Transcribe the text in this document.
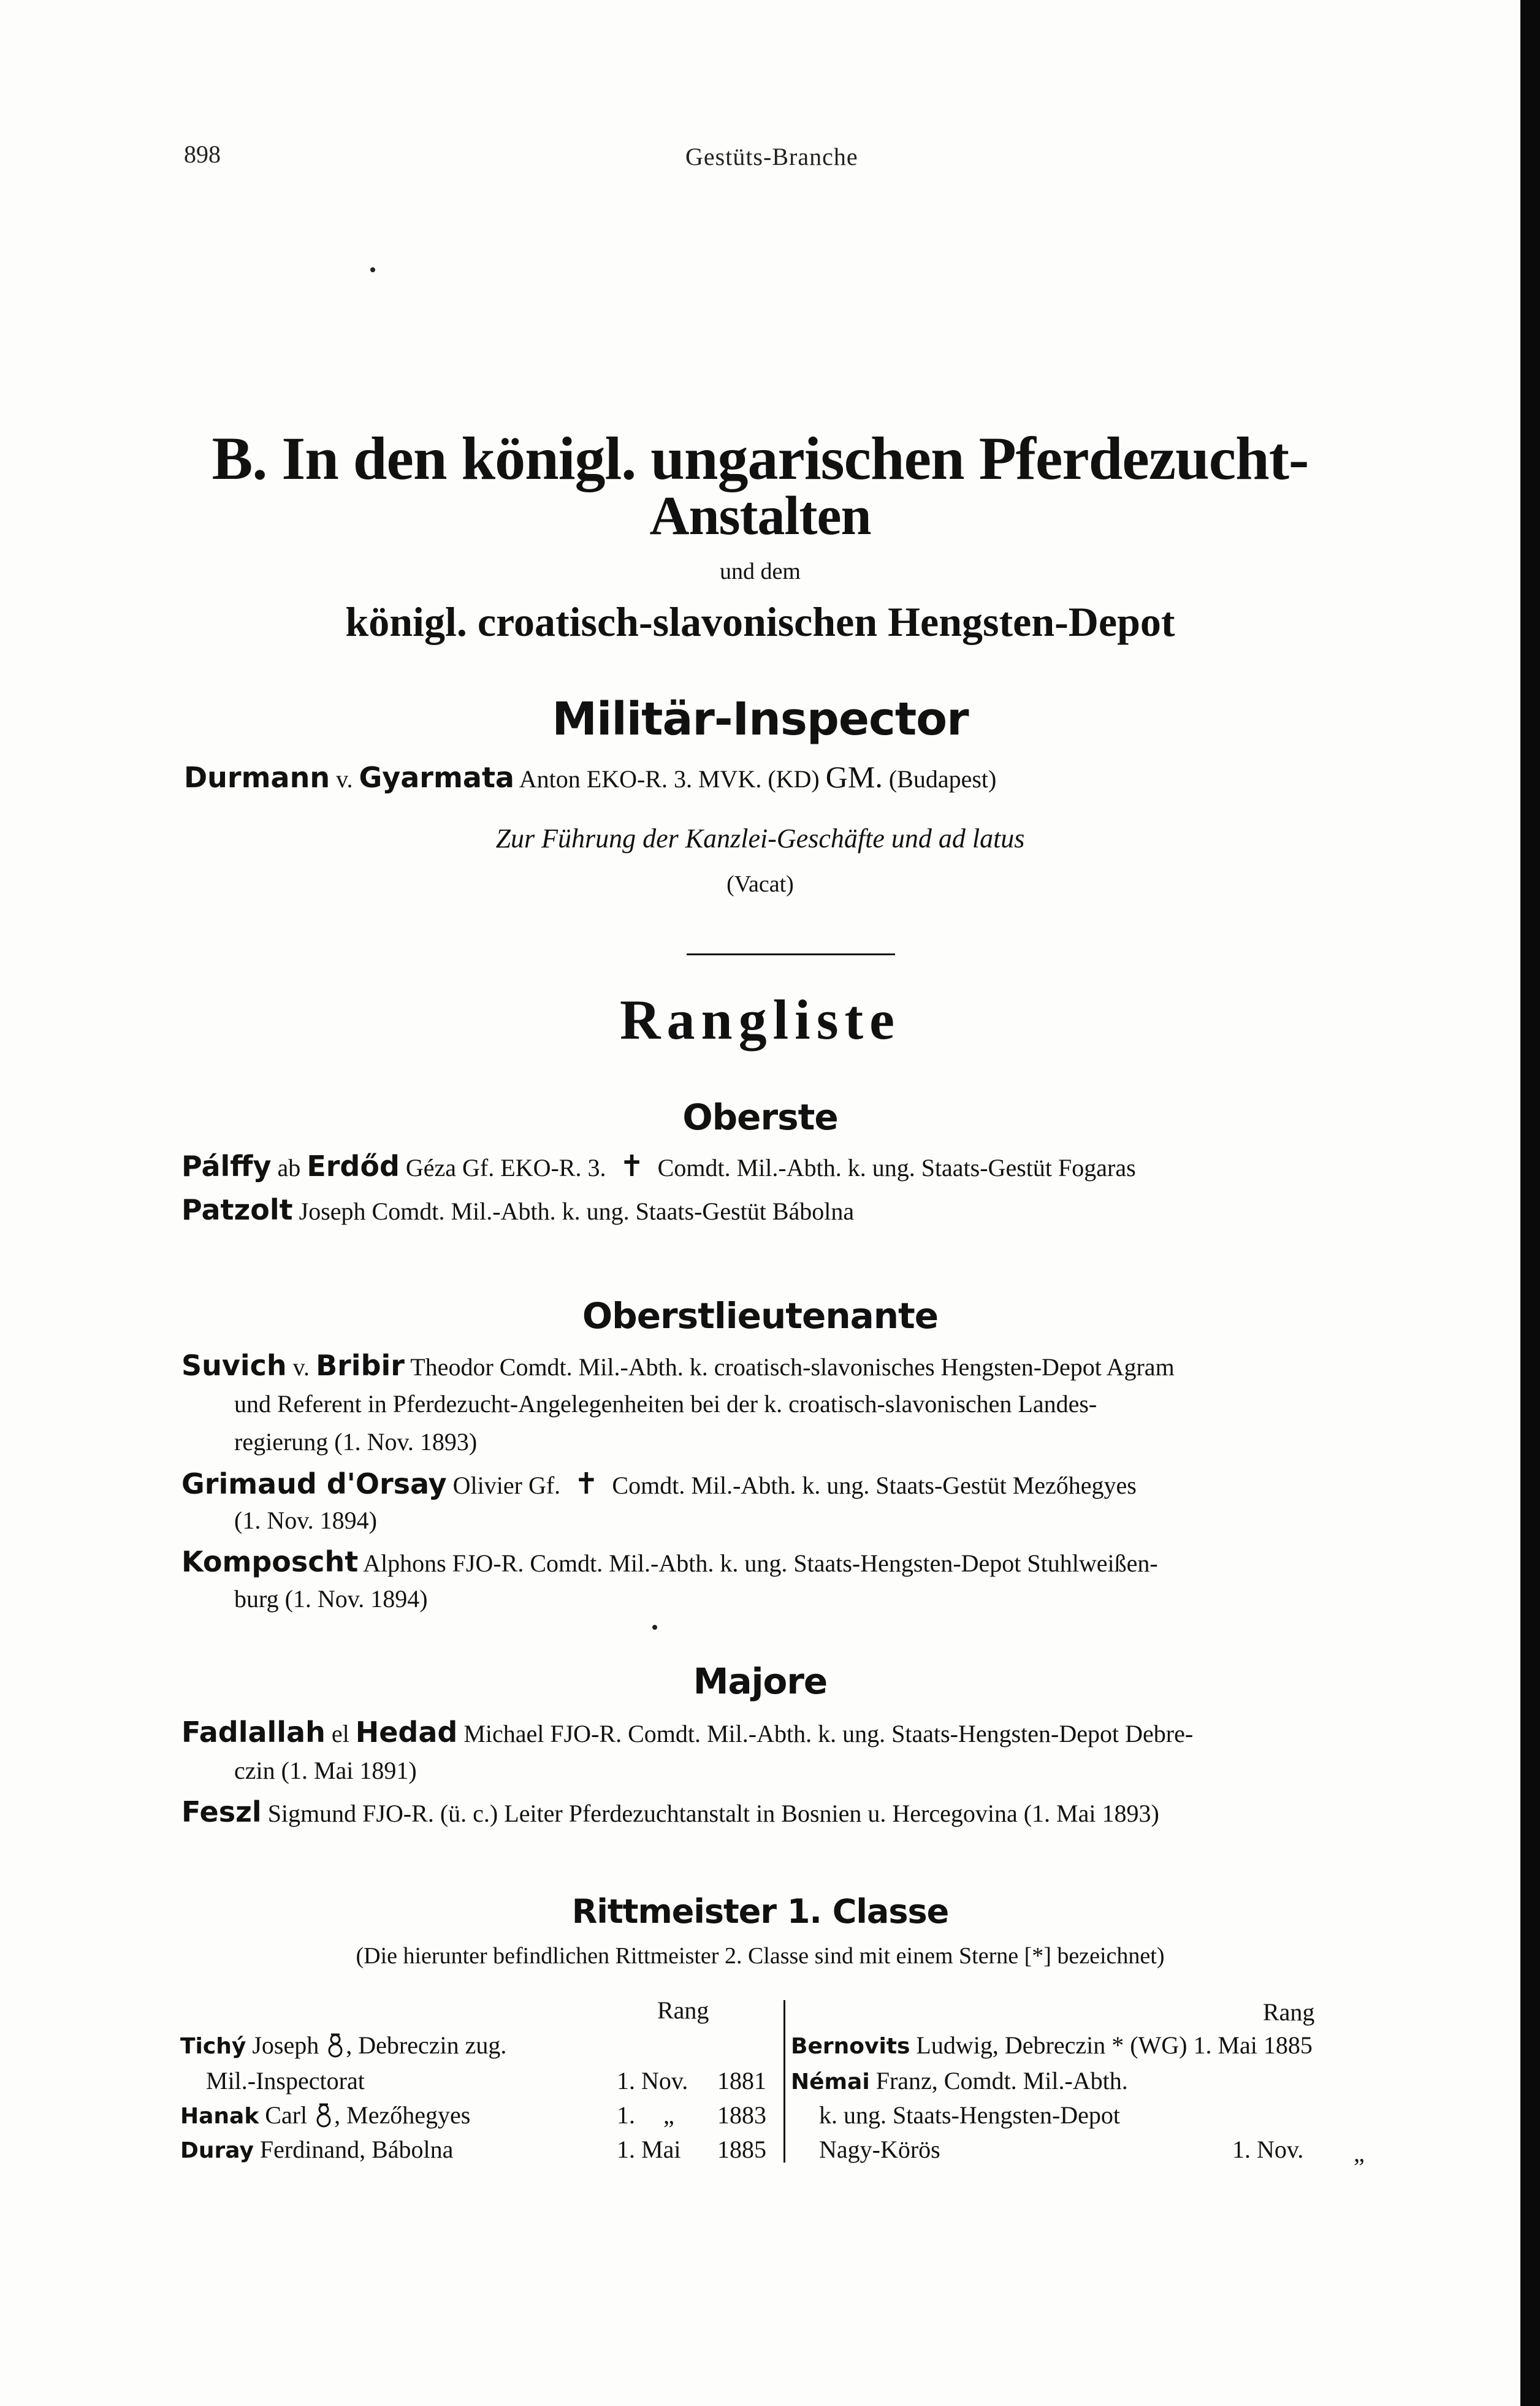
898	Gestüts-Branche
B. In den königl. ungarischen Pferdezucht-
Anstalten
und dem
königl. croatisch-slavonischen Hengsten-Depot
Militär-Inspector
Durmann v. Gyarmata Anton EKO-R. 3. MVK. (KD) GM. (Budapest)
Zur Führung der Kanzlei-Geschäfte und ad latus
(Vacat)
Rangliste
Oberste
Pálffy ab Erdőd Géza Gf. EKO-R. 3.  ✝  Comdt. Mil.-Abth. k. ung. Staats-Gestüt Fogaras
Patzolt Joseph Comdt. Mil.-Abth. k. ung. Staats-Gestüt Bábolna
Oberstlieutenante
Suvich v. Bribir Theodor Comdt. Mil.-Abth. k. croatisch-slavonisches Hengsten-Depot Agram
und Referent in Pferdezucht-Angelegenheiten bei der k. croatisch-slavonischen Landes-
regierung (1. Nov. 1893)
Grimaud d'Orsay Olivier Gf.  ✝  Comdt. Mil.-Abth. k. ung. Staats-Gestüt Mezőhegyes
(1. Nov. 1894)
Komposcht Alphons FJO-R. Comdt. Mil.-Abth. k. ung. Staats-Hengsten-Depot Stuhlweißen-
burg (1. Nov. 1894)
Majore
Fadlallah el Hedad Michael FJO-R. Comdt. Mil.-Abth. k. ung. Staats-Hengsten-Depot Debre-
czin (1. Mai 1891)
Feszl Sigmund FJO-R. (ü. c.) Leiter Pferdezuchtanstalt in Bosnien u. Hercegovina (1. Mai 1893)
Rittmeister 1. Classe
(Die hierunter befindlichen Rittmeister 2. Classe sind mit einem Sterne [*] bezeichnet)
Rang
Tichý Joseph , Debreczin zug.
Mil.-Inspectorat	1. Nov. 1881
Hanak Carl , Mezőhegyes	1. „ 1883
Duray Ferdinand, Bábolna	1. Mai 1885
Rang
Bernovits Ludwig, Debreczin * (WG) 1. Mai 1885
Némai Franz, Comdt. Mil.-Abth.
k. ung. Staats-Hengsten-Depot
Nagy-Körös	1. Nov. „
